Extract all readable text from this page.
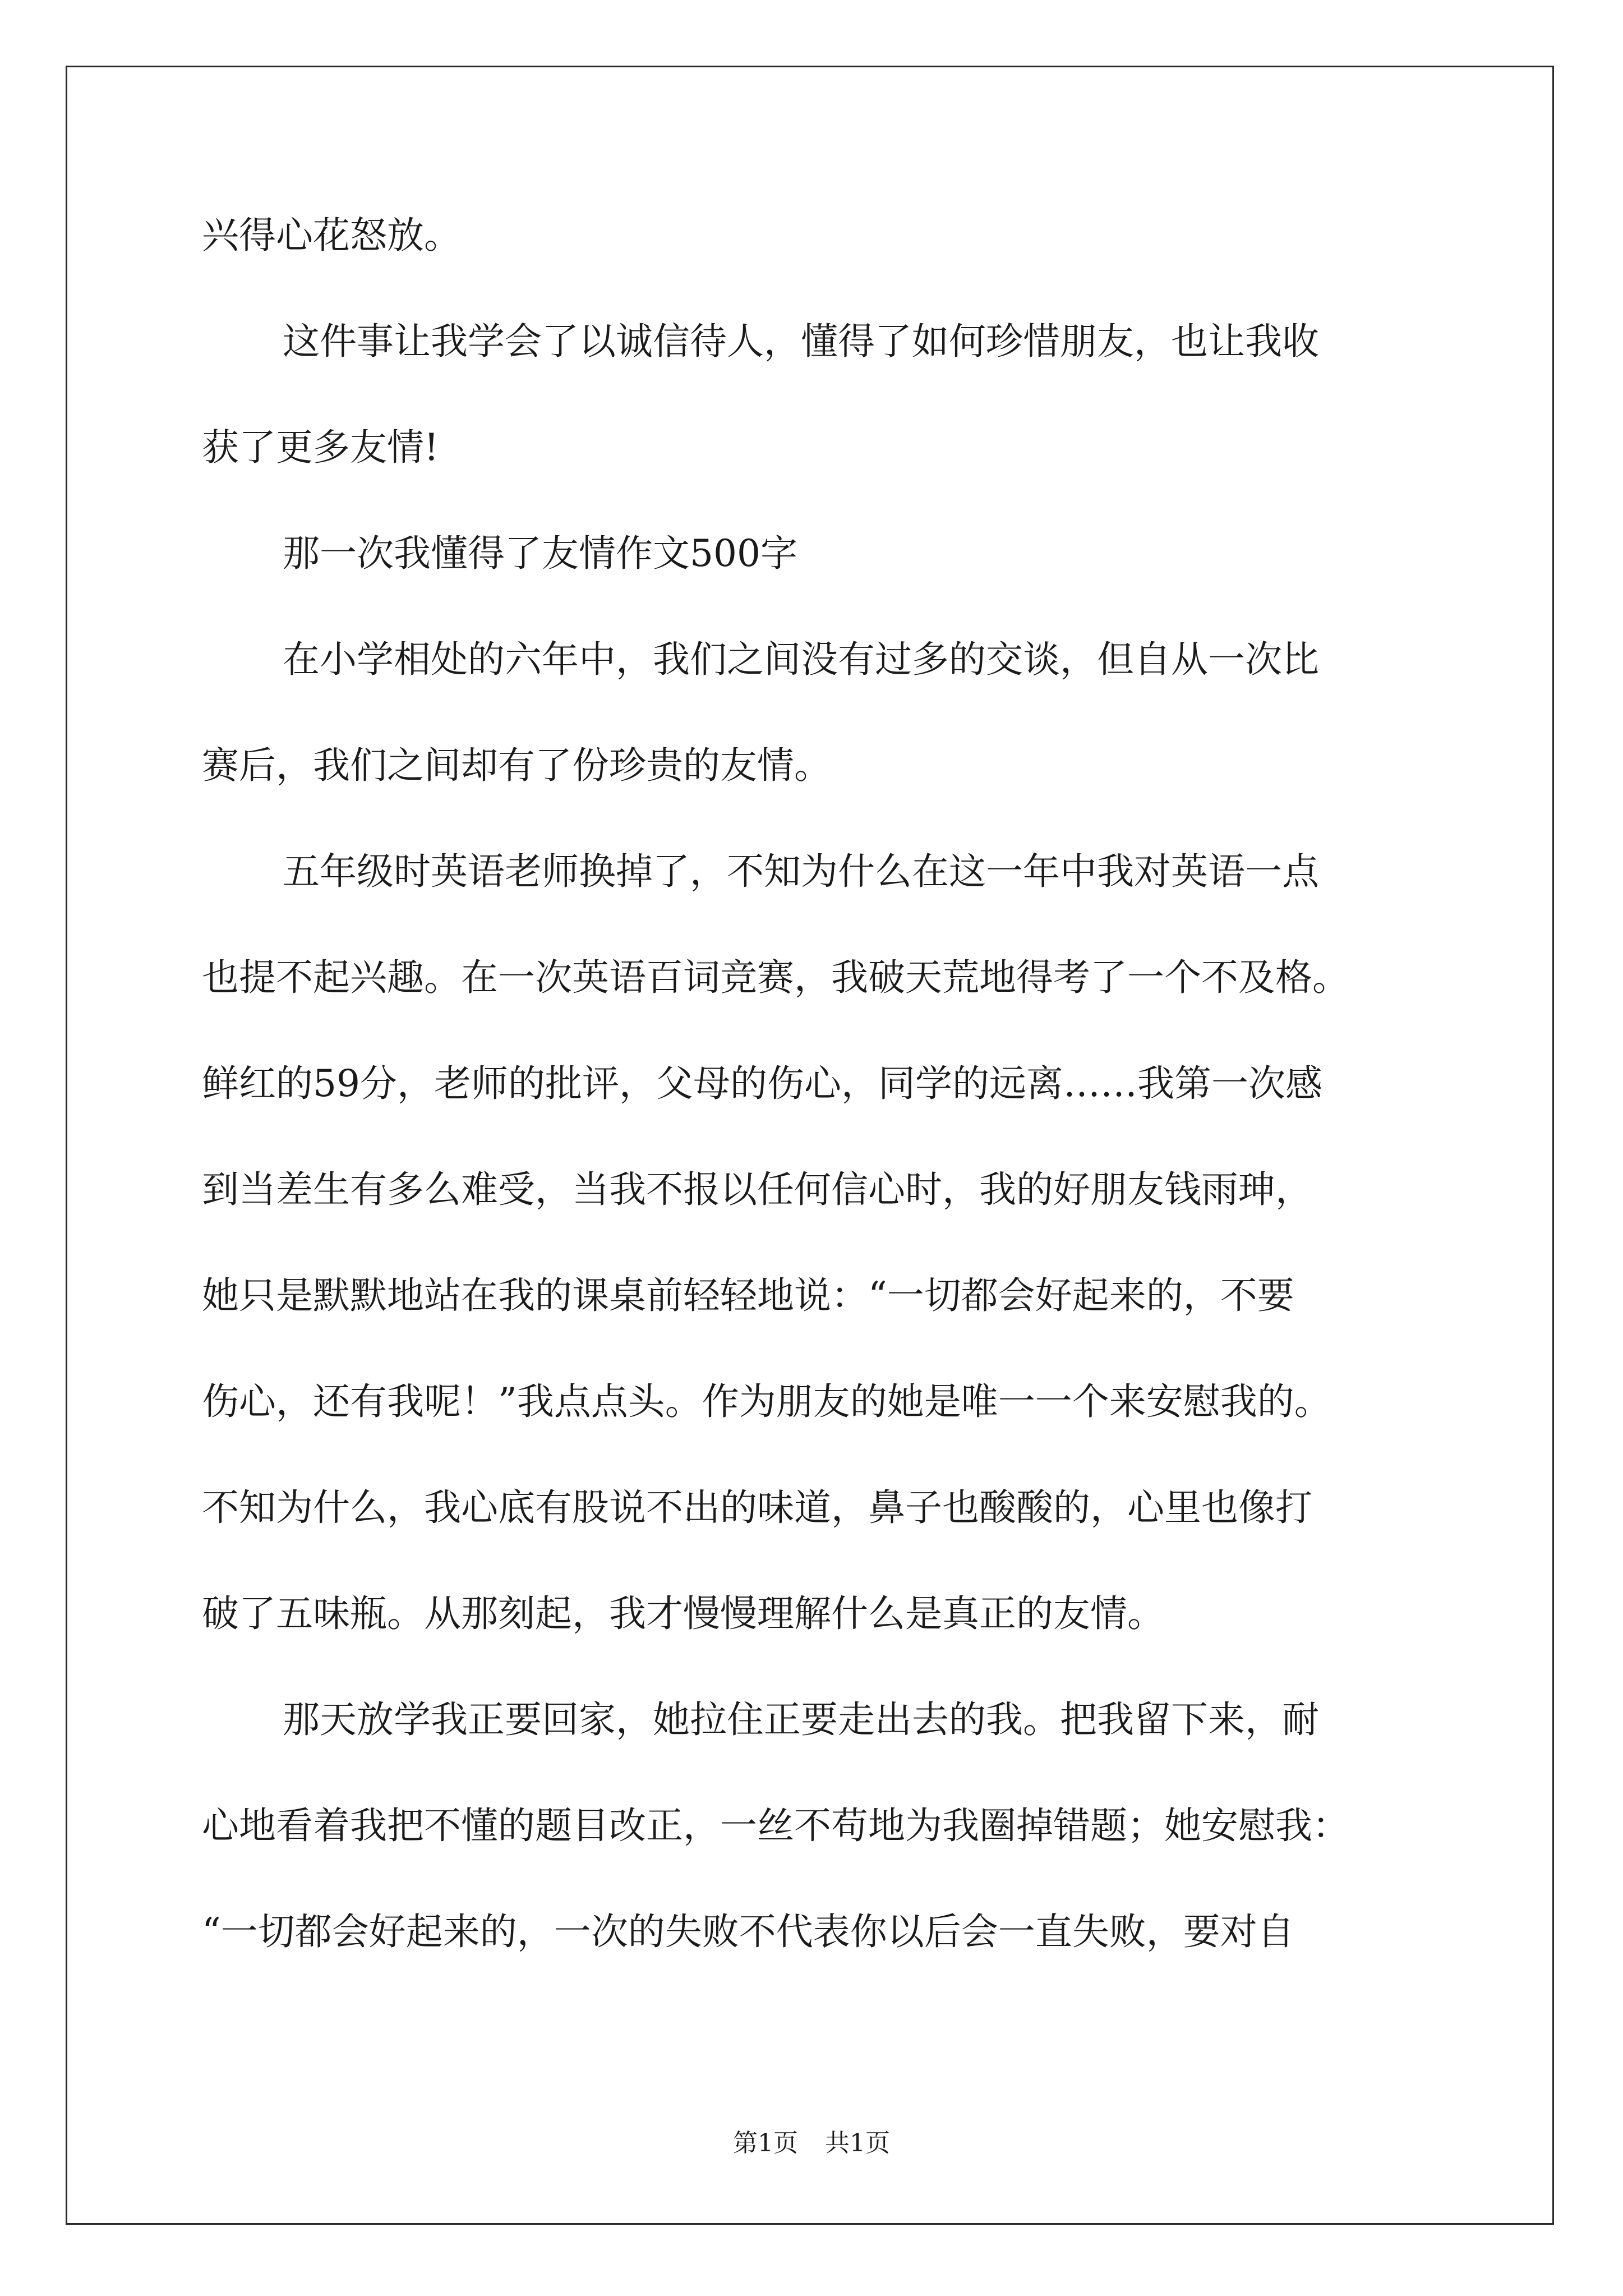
兴得心花怒放。
这件事让我学会了以诚信待人，懂得了如何珍惜朋友，也让我收
获了更多友情!
那一次我懂得了友情作文500字
在小学相处的六年中，我们之间没有过多的交谈，但自从一次比
赛后，我们之间却有了份珍贵的友情。
五年级时英语老师换掉了，不知为什么在这一年中我对英语一点
也提不起兴趣。在一次英语百词竞赛，我破天荒地得考了一个不及格。
鲜红的59分，老师的批评，父母的伤心，同学的远离……我第一次感
到当差生有多么难受，当我不报以任何信心时，我的好朋友钱雨珅，
她只是默默地站在我的课桌前轻轻地说：“一切都会好起来的，不要
伤心，还有我呢！”我点点头。作为朋友的她是唯一一个来安慰我的。
不知为什么，我心底有股说不出的味道，鼻子也酸酸的，心里也像打
破了五味瓶。从那刻起，我才慢慢理解什么是真正的友情。
那天放学我正要回家，她拉住正要走出去的我。把我留下来，耐
心地看着我把不懂的题目改正，一丝不苟地为我圈掉错题；她安慰我：
“一切都会好起来的，一次的失败不代表你以后会一直失败，要对自
第1页 共1页
